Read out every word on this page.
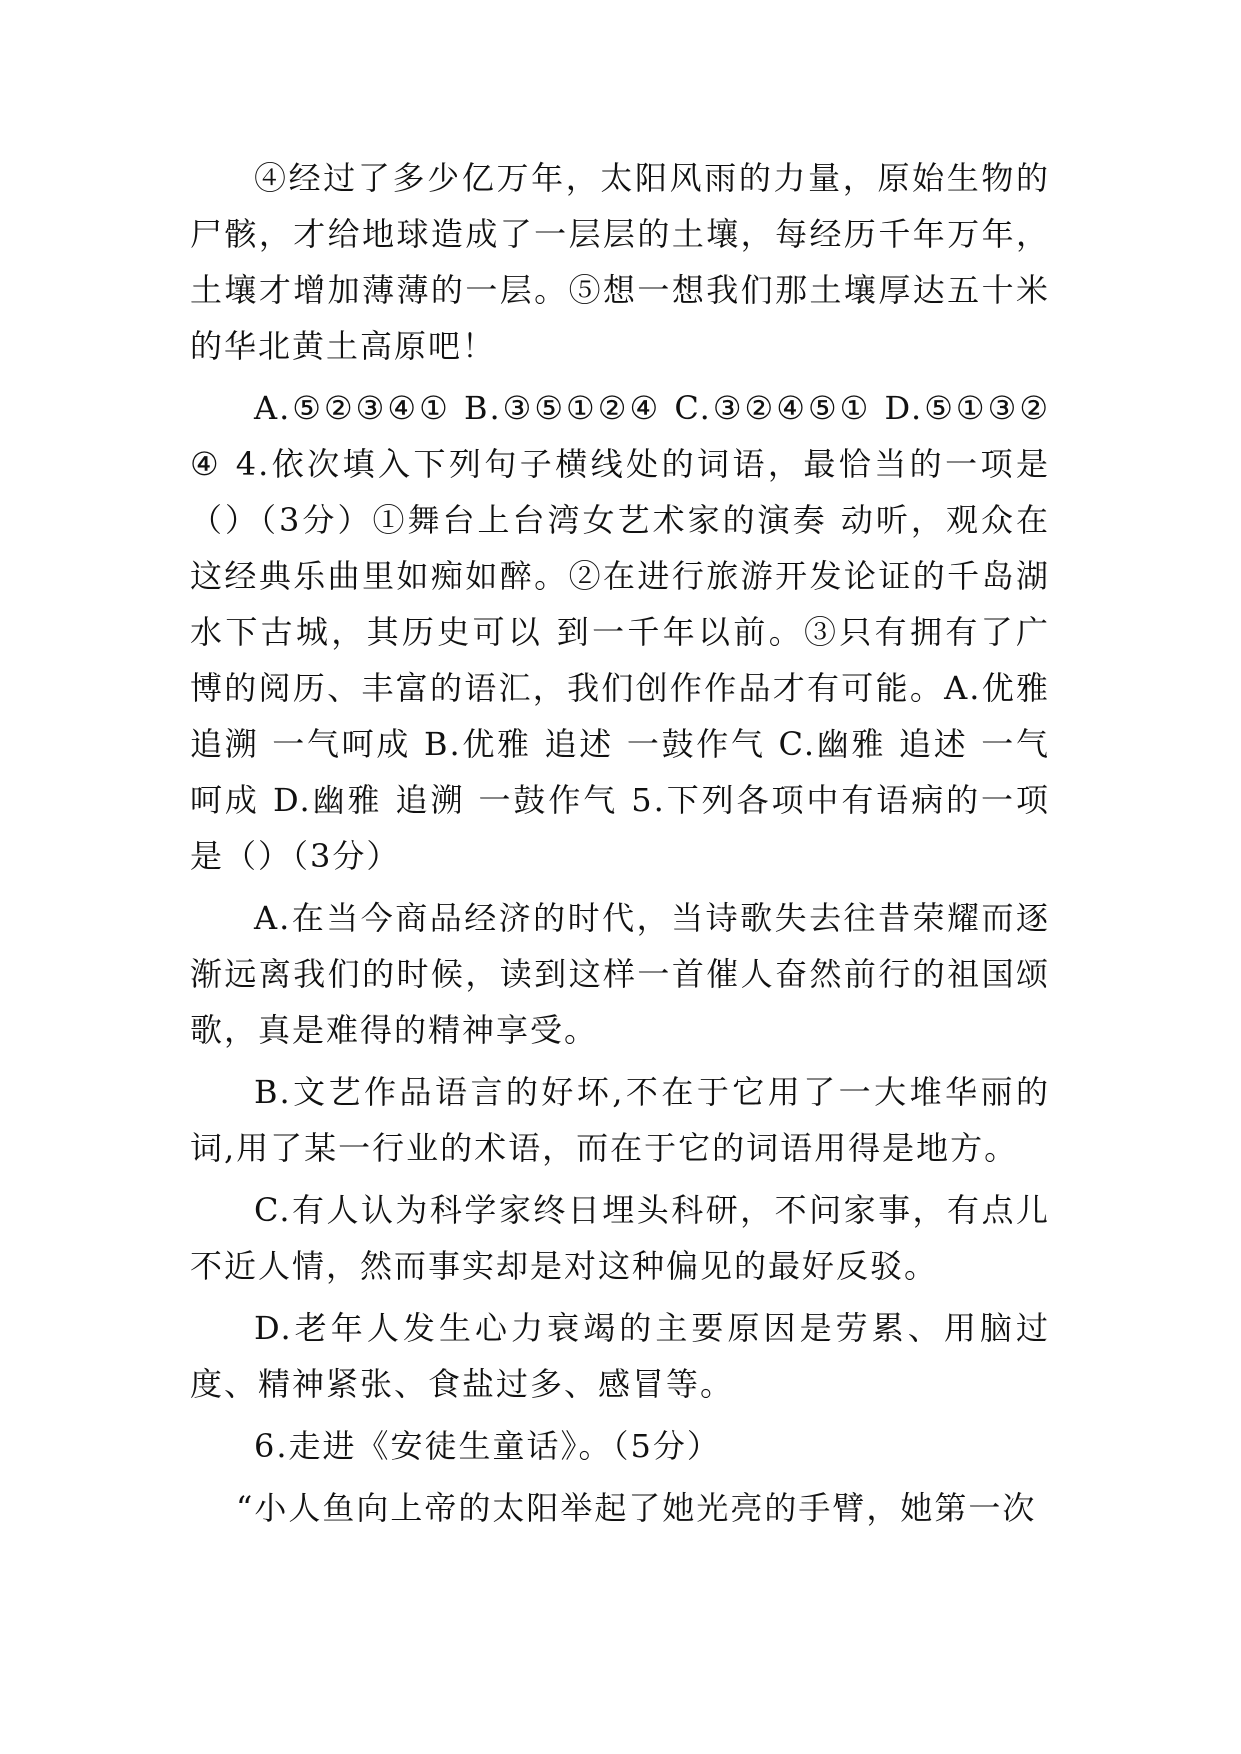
④经过了多少亿万年，太阳风雨的力量，原始生物的尸骸，才给地球造成了一层层的土壤，每经历千年万年，土壤才增加薄薄的一层。⑤想一想我们那土壤厚达五十米的华北黄土高原吧！

A.⑤②③④① B.③⑤①②④ C.③②④⑤① D.⑤①③②④ 4.依次填入下列句子横线处的词语，最恰当的一项是（）（3分）①舞台上台湾女艺术家的演奏 动听，观众在这经典乐曲里如痴如醉。②在进行旅游开发论证的千岛湖水下古城，其历史可以 到一千年以前。③只有拥有了广博的阅历、丰富的语汇，我们创作作品才有可能。A.优雅 追溯 一气呵成 B.优雅 追述 一鼓作气 C.幽雅 追述 一气呵成 D.幽雅 追溯 一鼓作气 5.下列各项中有语病的一项是（）（3分）

A.在当今商品经济的时代，当诗歌失去往昔荣耀而逐渐远离我们的时候，读到这样一首催人奋然前行的祖国颂歌，真是难得的精神享受。

B.文艺作品语言的好坏,不在于它用了一大堆华丽的词,用了某一行业的术语，而在于它的词语用得是地方。

C.有人认为科学家终日埋头科研，不问家事，有点儿不近人情，然而事实却是对这种偏见的最好反驳。

D.老年人发生心力衰竭的主要原因是劳累、用脑过度、精神紧张、食盐过多、感冒等。

6.走进《安徒生童话》。（5分）

“小人鱼向上帝的太阳举起了她光亮的手臂，她第一次
